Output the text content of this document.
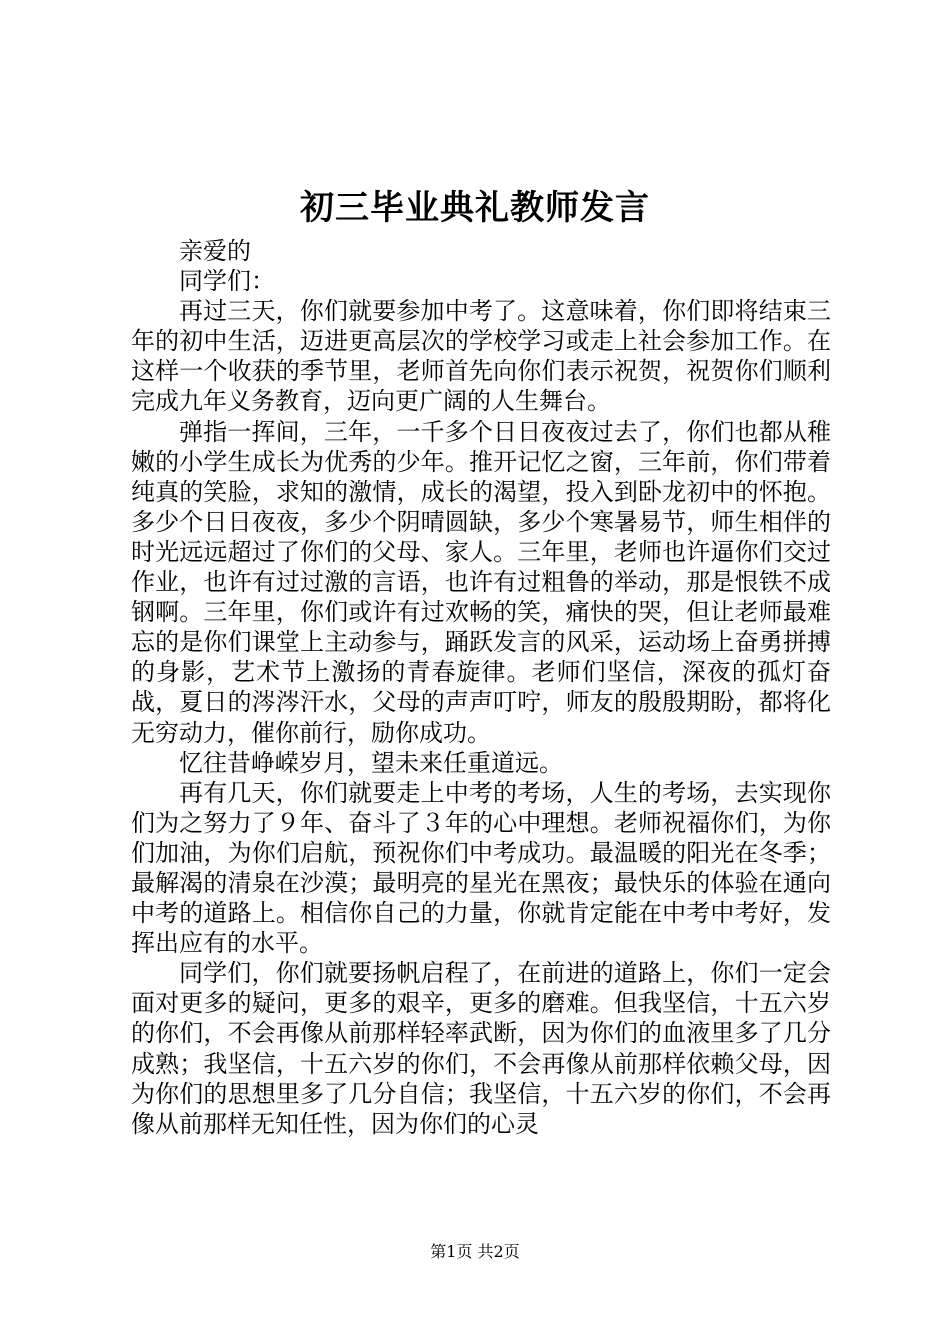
初三毕业典礼教师发言

亲爱的

同学们：

再过三天，你们就要参加中考了。这意味着，你们即将结束三年的初中生活，迈进更高层次的学校学习或走上社会参加工作。在这样一个收获的季节里，老师首先向你们表示祝贺，祝贺你们顺利完成九年义务教育，迈向更广阔的人生舞台。

弹指一挥间，三年，一千多个日日夜夜过去了，你们也都从稚嫩的小学生成长为优秀的少年。推开记忆之窗，三年前，你们带着纯真的笑脸，求知的激情，成长的渴望，投入到卧龙初中的怀抱。多少个日日夜夜，多少个阴晴圆缺，多少个寒暑易节，师生相伴的时光远远超过了你们的父母、家人。三年里，老师也许逼你们交过作业，也许有过过激的言语，也许有过粗鲁的举动，那是恨铁不成钢啊。三年里，你们或许有过欢畅的笑，痛快的哭，但让老师最难忘的是你们课堂上主动参与，踊跃发言的风采，运动场上奋勇拼搏的身影，艺术节上激扬的青春旋律。老师们坚信，深夜的孤灯奋战，夏日的涔涔汗水，父母的声声叮咛，师友的殷殷期盼，都将化无穷动力，催你前行，励你成功。

忆往昔峥嵘岁月，望未来任重道远。

再有几天，你们就要走上中考的考场，人生的考场，去实现你们为之努力了９年、奋斗了３年的心中理想。老师祝福你们，为你们加油，为你们启航，预祝你们中考成功。最温暖的阳光在冬季；最解渴的清泉在沙漠；最明亮的星光在黑夜；最快乐的体验在通向中考的道路上。相信你自己的力量，你就肯定能在中考中考好，发挥出应有的水平。

同学们，你们就要扬帆启程了，在前进的道路上，你们一定会面对更多的疑问，更多的艰辛，更多的磨难。但我坚信，十五六岁的你们，不会再像从前那样轻率武断，因为你们的血液里多了几分成熟；我坚信，十五六岁的你们，不会再像从前那样依赖父母，因为你们的思想里多了几分自信；我坚信，十五六岁的你们，不会再像从前那样无知任性，因为你们的心灵

第1页 共2页
